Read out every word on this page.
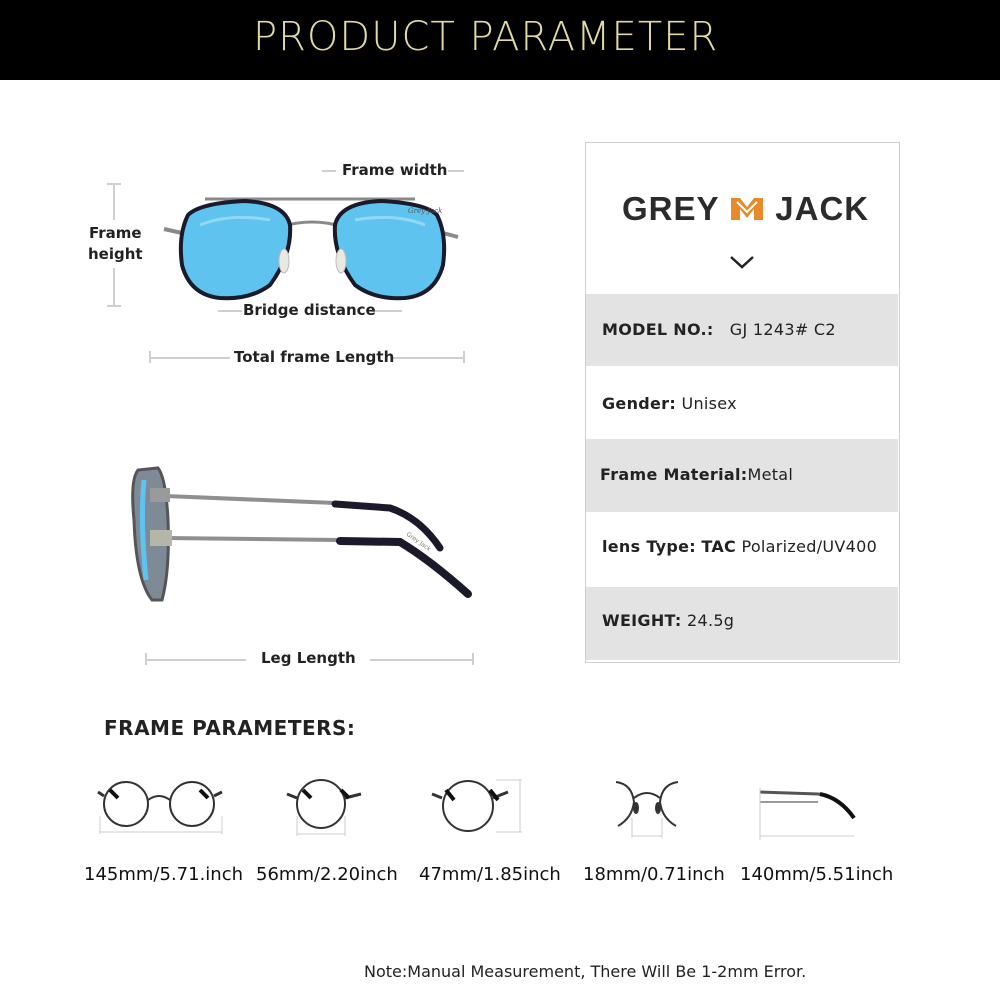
PRODUCT PARAMETER
Frame width
Frame
height
Grey Jack
Bridge distance
Total frame Length
Grey Jack
Leg Length
GREY JACK
MODEL NO.: GJ 1243# C2
Gender: Unisex
Frame Material:Metal
lens Type: TAC Polarized/UV400
WEIGHT: 24.5g
FRAME PARAMETERS:
145mm/5.71.inch 56mm/2.20inch 47mm/1.85inch 18mm/0.71inch 140mm/5.51inch
Note:Manual Measurement, There Will Be 1-2mm Error.
